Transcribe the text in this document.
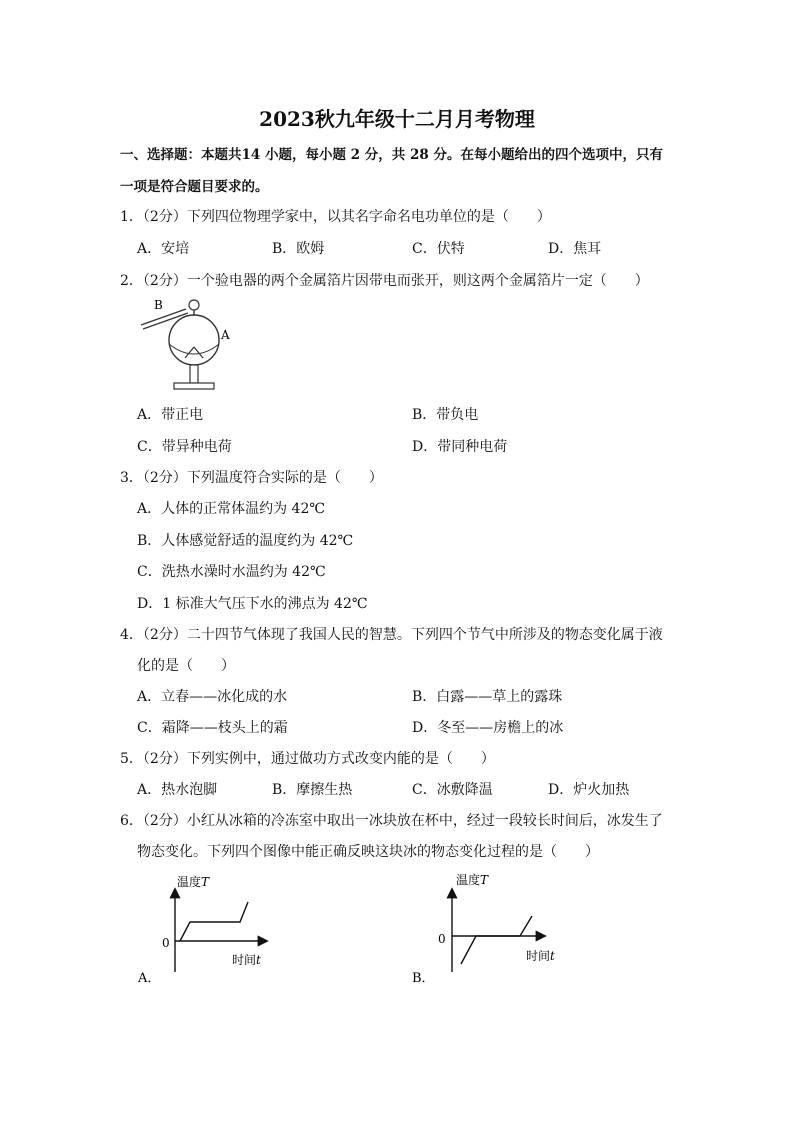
2023秋九年级十二月月考物理
一、选择题：本题共14 小题，每小题 2 分，共 28 分。在每小题给出的四个选项中，只有
一项是符合题目要求的。
1．（2分）下列四位物理学家中，以其名字命名电功单位的是（　　）
A．安培	B．欧姆	C．伏特	D．焦耳
2．（2分）一个验电器的两个金属箔片因带电而张开，则这两个金属箔片一定（　　）
B
A
A．带正电	B．带负电
C．带异种电荷	D．带同种电荷
3．（2分）下列温度符合实际的是（　　）
A．人体的正常体温约为 42℃
B．人体感觉舒适的温度约为 42℃
C．洗热水澡时水温约为 42℃
D．1 标准大气压下水的沸点为 42℃
4．（2分）二十四节气体现了我国人民的智慧。下列四个节气中所涉及的物态变化属于液
化的是（　　）
A．立春——冰化成的水	B．白露——草上的露珠
C．霜降——枝头上的霜	D．冬至——房檐上的冰
5．（2分）下列实例中，通过做功方式改变内能的是（　　）
A．热水泡脚	B．摩擦生热	C．冰敷降温	D．炉火加热
6．（2分）小红从冰箱的冷冻室中取出一冰块放在杯中，经过一段较长时间后，冰发生了
物态变化。下列四个图像中能正确反映这块冰的物态变化过程的是（　　）
温度T
0
时间t
A．
温度T
0
时间t
B．
